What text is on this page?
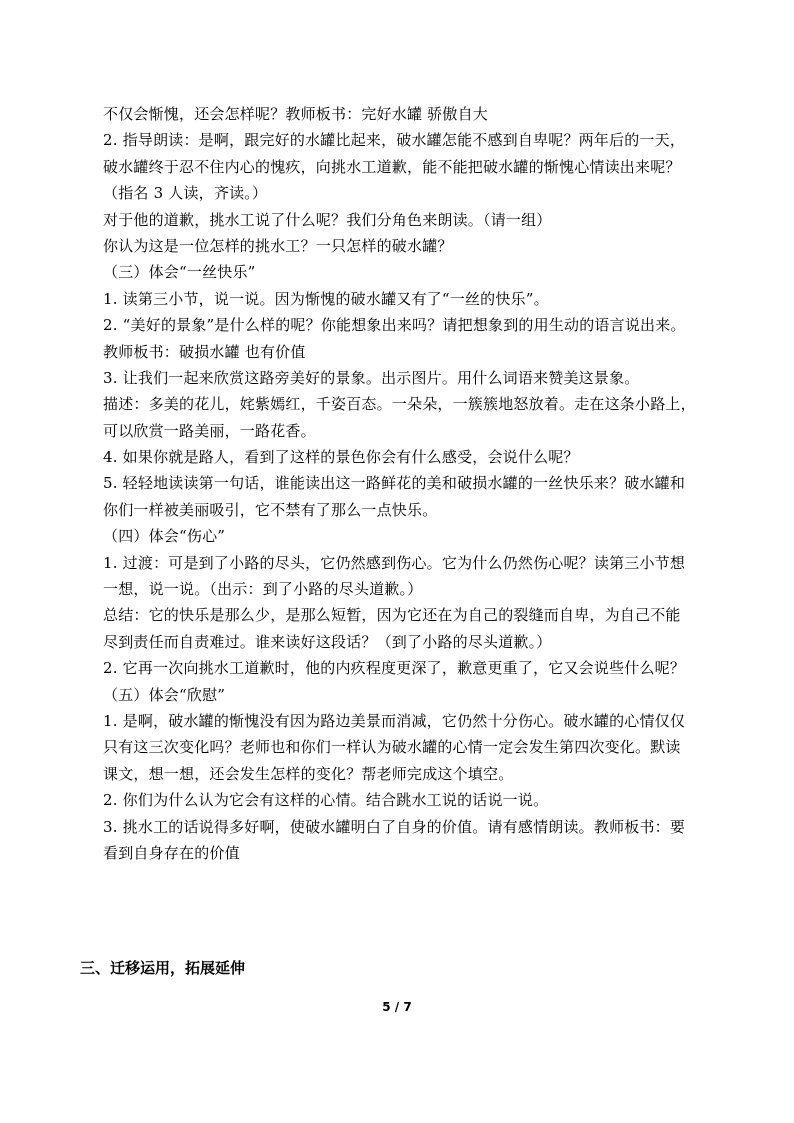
不仅会惭愧，还会怎样呢？教师板书：完好水罐 骄傲自大
2. 指导朗读：是啊，跟完好的水罐比起来，破水罐怎能不感到自卑呢？两年后的一天，
破水罐终于忍不住内心的愧疚，向挑水工道歉，能不能把破水罐的惭愧心情读出来呢？
（指名 3 人读，齐读。）
对于他的道歉，挑水工说了什么呢？我们分角色来朗读。（请一组）
你认为这是一位怎样的挑水工？一只怎样的破水罐？
（三）体会“一丝快乐”
1. 读第三小节，说一说。因为惭愧的破水罐又有了“一丝的快乐”。
2. “美好的景象”是什么样的呢？你能想象出来吗？请把想象到的用生动的语言说出来。
教师板书：破损水罐 也有价值
3. 让我们一起来欣赏这路旁美好的景象。出示图片。用什么词语来赞美这景象。
描述：多美的花儿，姹紫嫣红，千姿百态。一朵朵，一簇簇地怒放着。走在这条小路上，
可以欣赏一路美丽，一路花香。
4. 如果你就是路人，看到了这样的景色你会有什么感受，会说什么呢？
5. 轻轻地读读第一句话，谁能读出这一路鲜花的美和破损水罐的一丝快乐来？破水罐和
你们一样被美丽吸引，它不禁有了那么一点快乐。
（四）体会“伤心”
1. 过渡：可是到了小路的尽头，它仍然感到伤心。它为什么仍然伤心呢？读第三小节想
一想，说一说。（出示：到了小路的尽头道歉。）
总结：它的快乐是那么少，是那么短暂，因为它还在为自己的裂缝而自卑，为自己不能
尽到责任而自责难过。谁来读好这段话？（到了小路的尽头道歉。）
2. 它再一次向挑水工道歉时，他的内疚程度更深了，歉意更重了，它又会说些什么呢？
（五）体会“欣慰”
1. 是啊，破水罐的惭愧没有因为路边美景而消减，它仍然十分伤心。破水罐的心情仅仅
只有这三次变化吗？老师也和你们一样认为破水罐的心情一定会发生第四次变化。默读
课文，想一想，还会发生怎样的变化？帮老师完成这个填空。
2. 你们为什么认为它会有这样的心情。结合跳水工说的话说一说。
3. 挑水工的话说得多好啊，使破水罐明白了自身的价值。请有感情朗读。教师板书：要
看到自身存在的价值
三、迁移运用，拓展延伸
5 / 7
